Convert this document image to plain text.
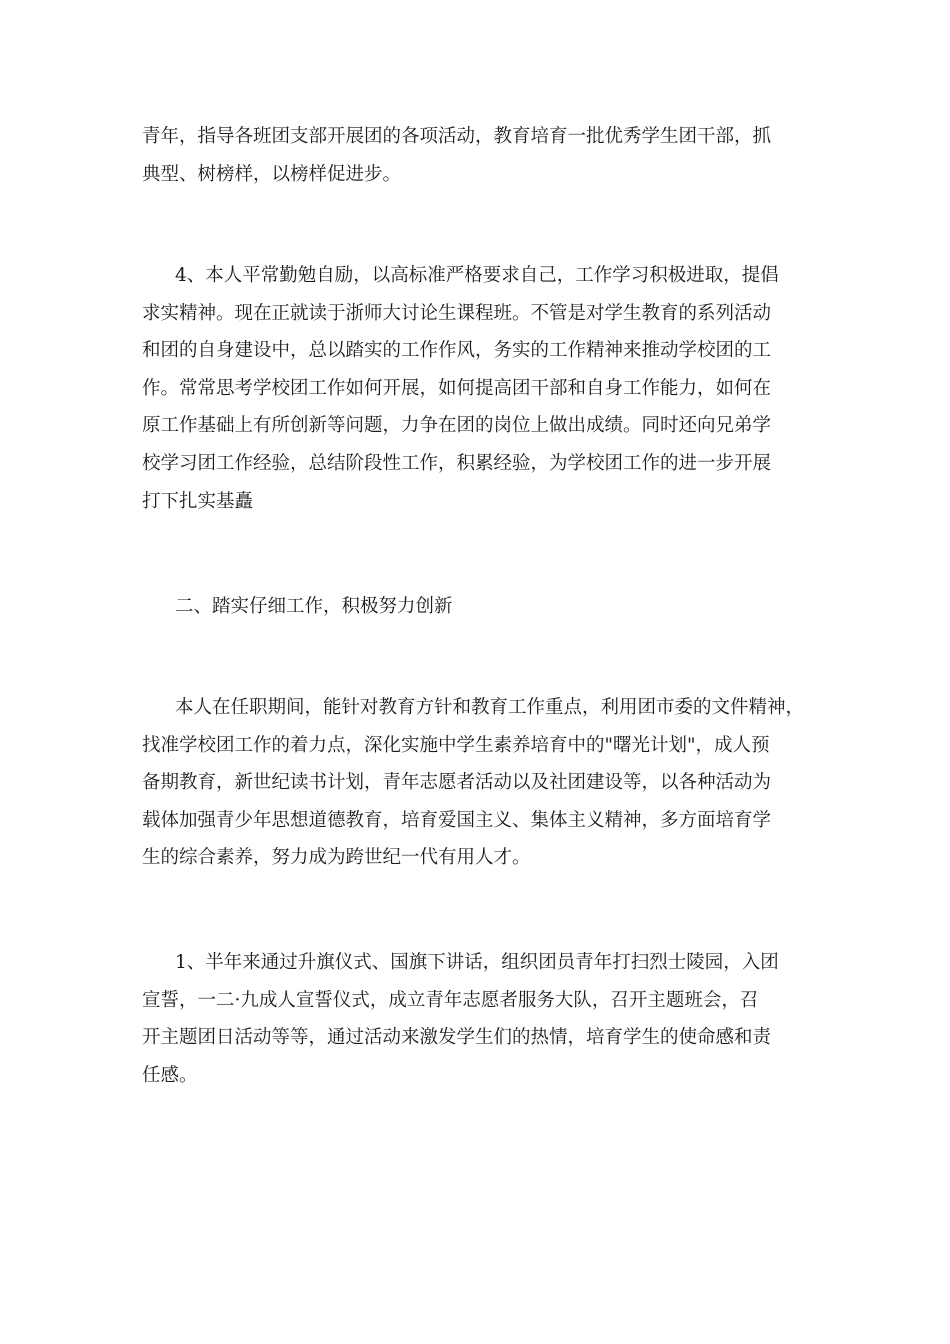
青年，指导各班团支部开展团的各项活动，教育培育一批优秀学生团干部，抓
典型、树榜样，以榜样促进步。
4、本人平常勤勉自励，以高标准严格要求自己，工作学习积极进取，提倡
求实精神。现在正就读于浙师大讨论生课程班。不管是对学生教育的系列活动
和团的自身建设中，总以踏实的工作作风，务实的工作精神来推动学校团的工
作。常常思考学校团工作如何开展，如何提高团干部和自身工作能力，如何在
原工作基础上有所创新等问题，力争在团的岗位上做出成绩。同时还向兄弟学
校学习团工作经验，总结阶段性工作，积累经验，为学校团工作的进一步开展
打下扎实基矗
二、踏实仔细工作，积极努力创新
本人在任职期间，能针对教育方针和教育工作重点，利用团市委的文件精神，
找准学校团工作的着力点，深化实施中学生素养培育中的"曙光计划"，成人预
备期教育，新世纪读书计划，青年志愿者活动以及社团建设等，以各种活动为
载体加强青少年思想道德教育，培育爱国主义、集体主义精神，多方面培育学
生的综合素养，努力成为跨世纪一代有用人才。
1、半年来通过升旗仪式、国旗下讲话，组织团员青年打扫烈士陵园，入团
宣誓，一二·九成人宣誓仪式，成立青年志愿者服务大队，召开主题班会，召
开主题团日活动等等，通过活动来激发学生们的热情，培育学生的使命感和责
任感。
